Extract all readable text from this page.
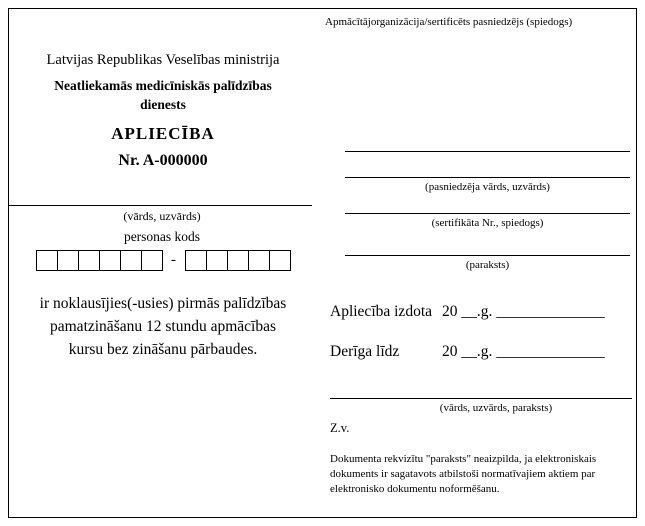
Apmācītājorganizācija/sertificēts pasniedzējs (spiedogs)
Latvijas Republikas Veselības ministrija
Neatliekamās medicīniskās palīdzības
dienests
APLIECĪBA
Nr. A-000000
(vārds, uzvārds)
personas kods
-
ir noklausījies(-usies) pirmās palīdzības
pamatzināšanu 12 stundu apmācības
kursu bez zināšanu pārbaudes.
(pasniedzēja vārds, uzvārds)
(sertifikāta Nr., spiedogs)
(paraksts)
Apliecība izdota 20 __.g. ______________
Derīga līdz	20 __.g. ______________
(vārds, uzvārds, paraksts)
Z.v.
Dokumenta rekvizītu "paraksts" neaizpilda, ja elektroniskais dokuments ir sagatavots atbilstoši normatīvajiem aktiem par elektronisko dokumentu noformēšanu.
